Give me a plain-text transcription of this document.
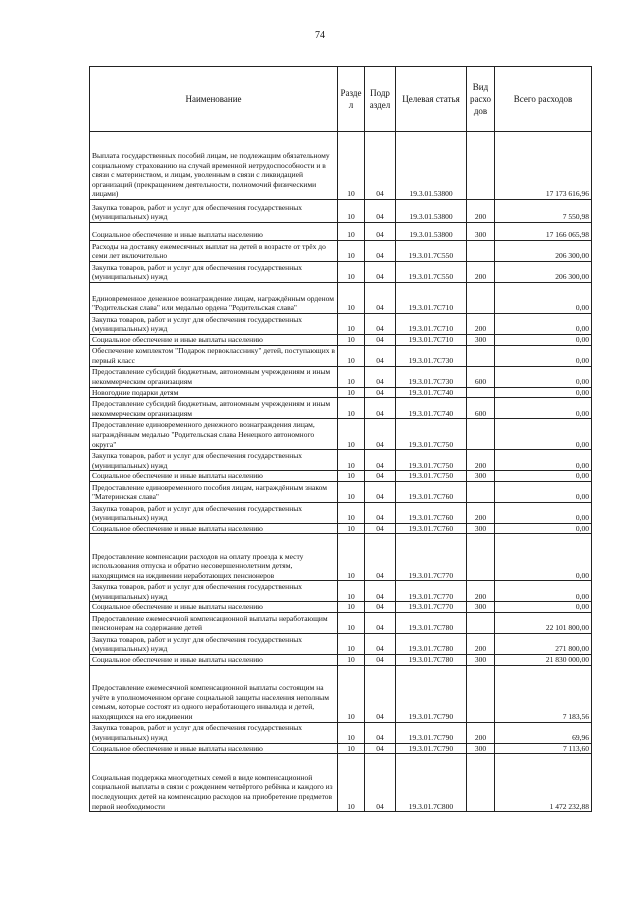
74
Наименование	Разде л	Подр аздел	Целевая статья	Вид расхо дов	Всего расходов
Выплата государственных пособий лицам, не подлежащим обязательному социальному страхованию на случай временной нетрудоспособности и в связи с материнством, и лицам, уволенным в связи с ликвидацией организаций (прекращением деятельности, полномочий физическими лицами)	10	04	19.3.01.53800		17 173 616,96
Закупка товаров, работ и услуг для обеспечения государственных (муниципальных) нужд	10	04	19.3.01.53800	200	7 550,98
Социальное обеспечение и иные выплаты населению	10	04	19.3.01.53800	300	17 166 065,98
Расходы на доставку ежемесячных выплат на детей в возрасте от трёх до семи лет включительно	10	04	19.3.01.7С550		206 300,00
Закупка товаров, работ и услуг для обеспечения государственных (муниципальных) нужд	10	04	19.3.01.7С550	200	206 300,00
Единовременное денежное вознаграждение лицам, награждённым орденом "Родительская слава" или медалью ордена "Родительская слава"	10	04	19.3.01.7С710		0,00
Закупка товаров, работ и услуг для обеспечения государственных (муниципальных) нужд	10	04	19.3.01.7С710	200	0,00
Социальное обеспечение и иные выплаты населению	10	04	19.3.01.7С710	300	0,00
Обеспечение комплектом "Подарок первокласснику" детей, поступающих в первый класс	10	04	19.3.01.7С730		0,00
Предоставление субсидий бюджетным, автономным учреждениям и иным некоммерческим организациям	10	04	19.3.01.7С730	600	0,00
Новогодние подарки детям	10	04	19.3.01.7С740		0,00
Предоставление субсидий бюджетным, автономным учреждениям и иным некоммерческим организациям	10	04	19.3.01.7С740	600	0,00
Предоставление единовременного денежного вознаграждения лицам, награждённым медалью "Родительская слава Ненецкого автономного округа"	10	04	19.3.01.7С750		0,00
Закупка товаров, работ и услуг для обеспечения государственных (муниципальных) нужд	10	04	19.3.01.7С750	200	0,00
Социальное обеспечение и иные выплаты населению	10	04	19.3.01.7С750	300	0,00
Предоставление единовременного пособия лицам, награждённым знаком "Материнская слава"	10	04	19.3.01.7С760		0,00
Закупка товаров, работ и услуг для обеспечения государственных (муниципальных) нужд	10	04	19.3.01.7С760	200	0,00
Социальное обеспечение и иные выплаты населению	10	04	19.3.01.7С760	300	0,00
Предоставление компенсации расходов на оплату проезда к месту использования отпуска и обратно несовершеннолетним детям, находящимся на иждивении неработающих пенсионеров	10	04	19.3.01.7С770		0,00
Закупка товаров, работ и услуг для обеспечения государственных (муниципальных) нужд	10	04	19.3.01.7С770	200	0,00
Социальное обеспечение и иные выплаты населению	10	04	19.3.01.7С770	300	0,00
Предоставление ежемесячной компенсационной выплаты неработающим пенсионерам на содержание детей	10	04	19.3.01.7С780		22 101 800,00
Закупка товаров, работ и услуг для обеспечения государственных (муниципальных) нужд	10	04	19.3.01.7С780	200	271 800,00
Социальное обеспечение и иные выплаты населению	10	04	19.3.01.7С780	300	21 830 000,00
Предоставление ежемесячной компенсационной выплаты состоящим на учёте в уполномоченном органе социальной защиты населения неполным семьям, которые состоят из одного неработающего инвалида и детей, находящихся на его иждивении	10	04	19.3.01.7С790		7 183,56
Закупка товаров, работ и услуг для обеспечения государственных (муниципальных) нужд	10	04	19.3.01.7С790	200	69,96
Социальное обеспечение и иные выплаты населению	10	04	19.3.01.7С790	300	7 113,60
Социальная поддержка многодетных семей в виде компенсационной социальной выплаты в связи с рождением четвёртого ребёнка и каждого из последующих детей на компенсацию расходов на приобретение предметов первой необходимости	10	04	19.3.01.7С800		1 472 232,88
